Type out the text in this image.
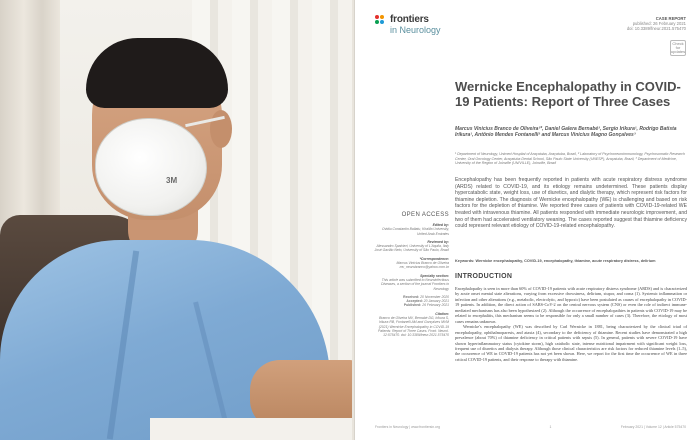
3M
frontiers
in Neurology
CASE REPORT
published: 26 February 2021
doi: 10.3389/fneur.2021.575470
Check for updates
Wernicke Encephalopathy in COVID-19 Patients: Report of Three Cases
Marcus Vinicius Branco de Oliveira¹*, Daniel Galera Bernabé², Sergio Irikura¹, Rodrigo Batista Irikura¹, Antônio Mendes Fontanelli² and Marcus Vinicius Magno Gonçalves³
¹ Department of Neurology, Unimed Hospital of Araçatuba, Araçatuba, Brazil, ² Laboratory of Psychoneuroimmunology, Psychosomatic Research Center, Oral Oncology Center, Araçatuba Dental School, São Paulo State University (UNESP), Araçatuba, Brazil, ³ Department of Medicine, University of the Region of Joinville (UNIVILLE), Joinville, Brazil
OPEN ACCESS
Edited by:
Ovidiu Constantin Baltatu, Khalifa University, United Arab Emirates
Reviewed by:
Alessandro Spalvieri, University of L'Aquila, Italy José Gavião Neto, University of São Paulo, Brazil
*Correspondence:
Marcus Vinicius Branco de Oliveira mv_neurobranco@yahoo.com.br
Specialty section:
This article was submitted to Neuroinfectious Diseases, a section of the journal Frontiers in Neurology
Received: 20 November 2020
Accepted: 20 January 2021
Published: 26 February 2021
Citation:
Branco de Oliveira MV, Bernabé DG, Irikura S, Irikura RB, Fontanelli AM and Gonçalves MVM (2021) Wernicke Encephalopathy in COVID-19 Patients: Report of Three Cases. Front. Neurol. 12:575470. doi: 10.3389/fneur.2021.575470
Encephalopathy has been frequently reported in patients with acute respiratory distress syndrome (ARDS) related to COVID-19, and its etiology remains undetermined. These patients display hypercatabolic state, weight loss, use of diuretics, and dialytic therapy, which represent risk factors for thiamine depletion. The diagnosis of Wernicke encephalopathy (WE) is challenging and based on risk factors for the depletion of thiamine. We reported three cases of patients with COVID-19-related WE treated with intravenous thiamine. All patients responded with immediate neurologic improvement, and two of them had accelerated ventilatory weaning. The cases reported suggest that thiamine deficiency could represent relevant etiology of COVID-19-related encephalopathy.
Keywords: Wernicke encephalopathy, COVID-19, encephalopathy, thiamine, acute respiratory distress, delirium
INTRODUCTION

Encephalopathy is seen in more than 60% of COVID-19 patients with acute respiratory distress syndrome (ARDS) and is characterized by acute onset mental state alterations, varying from excessive drowsiness, delirium, stupor, and coma (1). Systemic inflammation or infection and other alterations (e.g., metabolic, electrolytic, and hypoxic) have been postulated as causes of encephalopathy in COVID-19 patients. In addition, the direct action of SARS-CoV-2 on the central nervous system (CNS) or even the role of indirect immune-mediated mechanisms has also been hypothesized (2). Although the occurrence of encephalopathies in patients with COVID-19 may be related to encephalitis, this mechanism seems to be responsible for only a small number of cases (3). Therefore, the etiology of most cases remains unknown.

Wernicke's encephalopathy (WE) was described by Carl Wernicke in 1881, being characterized by the clinical triad of encephalopathy, ophthalmoparesis, and ataxia (4), secondary to the deficiency of thiamine. Recent studies have demonstrated a high prevalence (about 70%) of thiamine deficiency in critical patients with sepsis (5). In general, patients with severe COVID-19 have shown hyperinflammatory status (cytokine storm), high catabolic state, intense nutritional impairment with significant weight loss, frequent use of diuretics and dialysis therapy. Although those clinical characteristics are risk factors for reduced thiamine levels (1–5), the occurrence of WE in COVID-19 patients has not yet been shown. Here, we report for the first time the occurrence of WE in three critical COVID-19 patients, and their response to therapy with thiamine.

Frontiers in Neurology | www.frontiersin.org	1	February 2021 | Volume 12 | Article 575470
